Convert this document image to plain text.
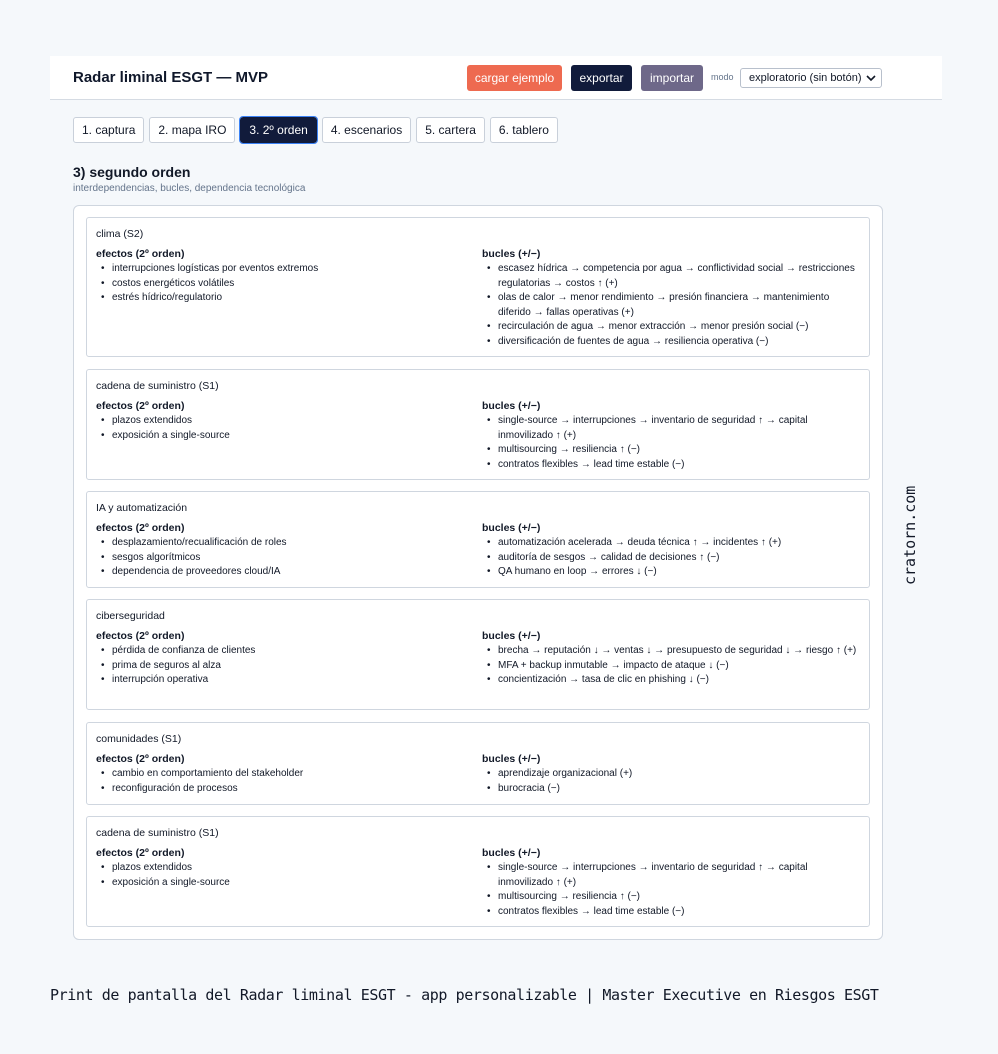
Radar liminal ESGT — MVP	cargar ejemplo	exportar	importar	modo exploratorio (sin botón)
1. captura	2. mapa IRO	3. 2º orden	4. escenarios	5. cartera	6. tablero
3) segundo orden
interdependencias, bucles, dependencia tecnológica
clima (S2)
efectos (2º orden)
• interrupciones logísticas por eventos extremos
• costos energéticos volátiles
• estrés hídrico/regulatorio
bucles (+/−)
• escasez hídrica → competencia por agua → conflictividad social → restricciones regulatorias → costos ↑ (+)
• olas de calor → menor rendimiento → presión financiera → mantenimiento diferido → fallas operativas (+)
• recirculación de agua → menor extracción → menor presión social (−)
• diversificación de fuentes de agua → resiliencia operativa (−)
cadena de suministro (S1)
efectos (2º orden)
• plazos extendidos
• exposición a single-source
bucles (+/−)
• single-source → interrupciones → inventario de seguridad ↑ → capital inmovilizado ↑ (+)
• multisourcing → resiliencia ↑ (−)
• contratos flexibles → lead time estable (−)
IA y automatización
efectos (2º orden)
• desplazamiento/recualificación de roles
• sesgos algorítmicos
• dependencia de proveedores cloud/IA
bucles (+/−)
• automatización acelerada → deuda técnica ↑ → incidentes ↑ (+)
• auditoría de sesgos → calidad de decisiones ↑ (−)
• QA humano en loop → errores ↓ (−)
ciberseguridad
efectos (2º orden)
• pérdida de confianza de clientes
• prima de seguros al alza
• interrupción operativa
bucles (+/−)
• brecha → reputación ↓ → ventas ↓ → presupuesto de seguridad ↓ → riesgo ↑ (+)
• MFA + backup inmutable → impacto de ataque ↓ (−)
• concientización → tasa de clic en phishing ↓ (−)
comunidades (S1)
efectos (2º orden)
• cambio en comportamiento del stakeholder
• reconfiguración de procesos
bucles (+/−)
• aprendizaje organizacional (+)
• burocracia (−)
cadena de suministro (S1)
efectos (2º orden)
• plazos extendidos
• exposición a single-source
bucles (+/−)
• single-source → interrupciones → inventario de seguridad ↑ → capital inmovilizado ↑ (+)
• multisourcing → resiliencia ↑ (−)
• contratos flexibles → lead time estable (−)
cratorn.com
Print de pantalla del Radar liminal ESGT - app personalizable | Master Executive en Riesgos ESGT
